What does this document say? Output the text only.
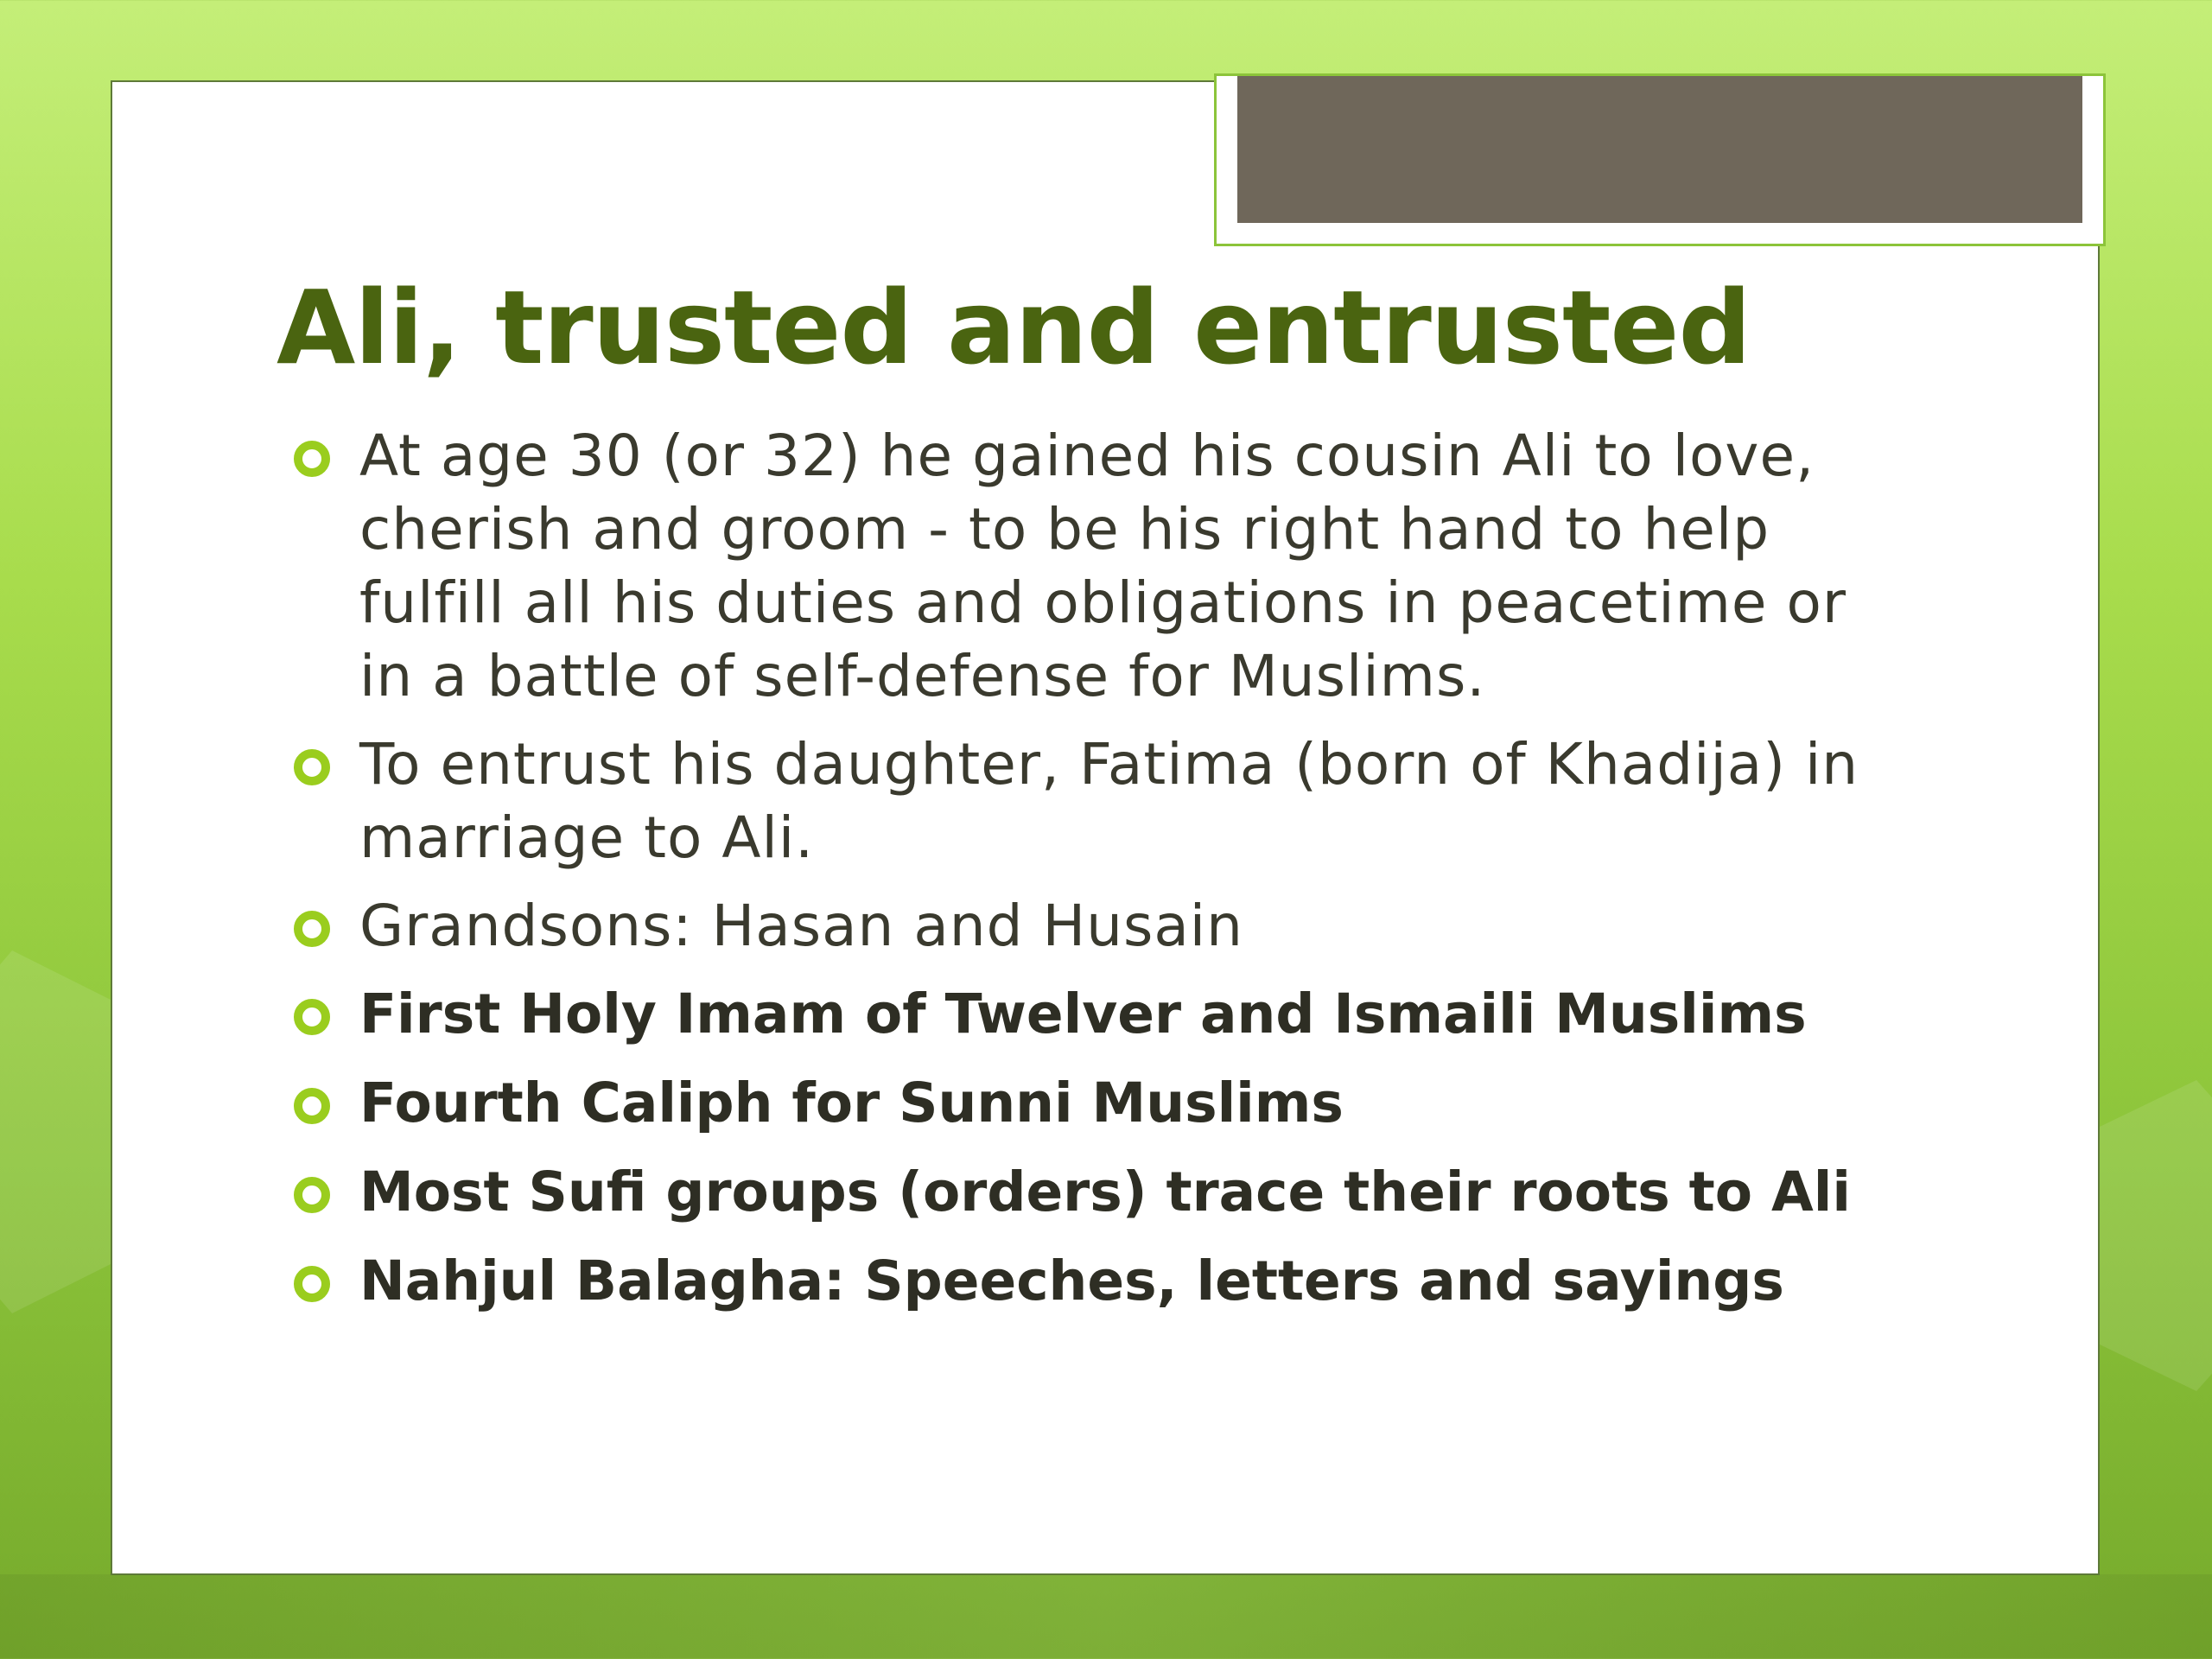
Ali, trusted and entrusted
At age 30 (or 32) he gained his cousin Ali to love, cherish and groom - to be his right hand to help fulfill all his duties and obligations in peacetime or in a battle of self-defense for Muslims.
To entrust his daughter, Fatima (born of Khadija) in marriage to Ali.
Grandsons: Hasan and Husain
First Holy Imam of Twelver and Ismaili Muslims
Fourth Caliph for Sunni Muslims
Most Sufi groups (orders) trace their roots to Ali
Nahjul Balagha: Speeches, letters and sayings
